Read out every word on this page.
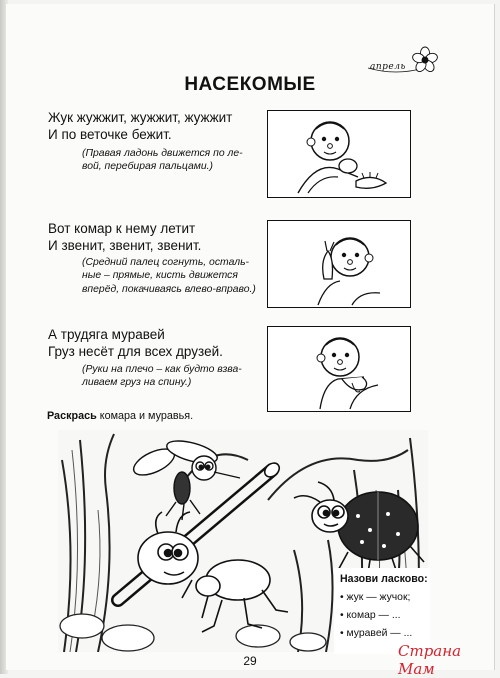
апрель
НАСЕКОМЫЕ
Жук жужжит, жужжит, жужжит
И по веточке бежит.
(Правая ладонь движется по ле-
вой, перебирая пальцами.)
Вот комар к нему летит
И звенит, звенит, звенит.
(Средний палец согнуть, осталь-
ные – прямые, кисть движется
вперёд, покачиваясь влево-вправо.)
А трудяга муравей
Груз несёт для всех друзей.
(Руки на плечо – как будто взва-
ливаем груз на спину.)
Раскрась комара и муравья.
Назови ласково:
• жук — жучок;
• комар — ...
• муравей — ...
29
Страна Мам
